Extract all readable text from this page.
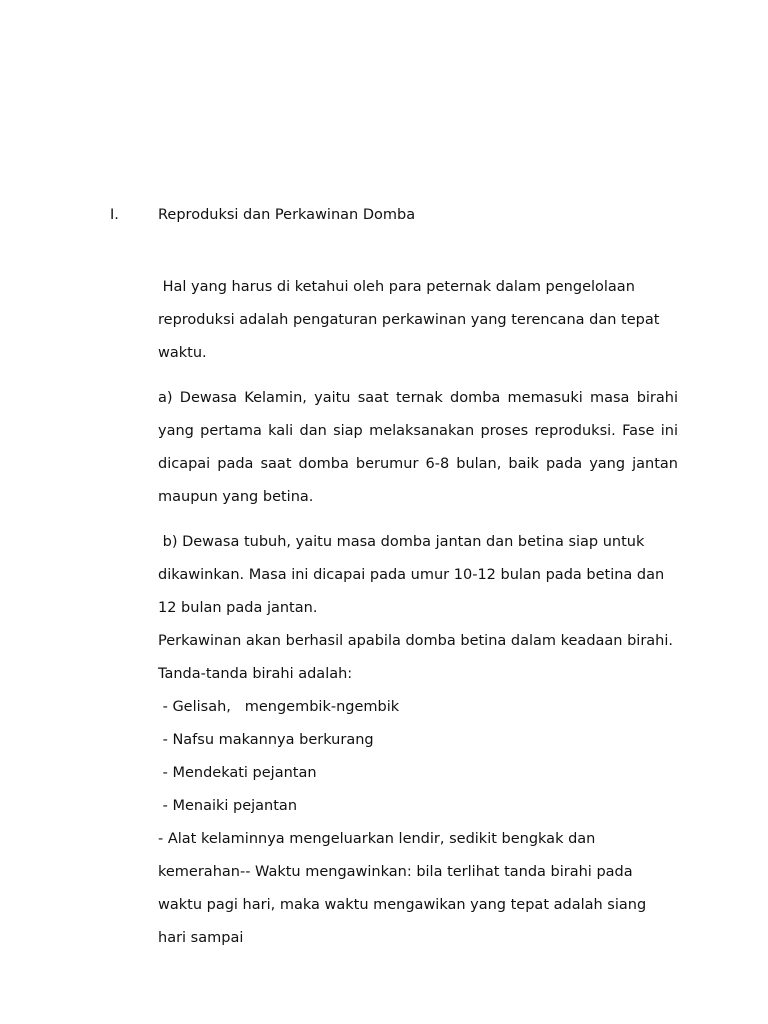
I.	Reproduksi dan Perkawinan Domba

Hal yang harus di ketahui oleh para peternak dalam pengelolaan reproduksi adalah pengaturan perkawinan yang terencana dan tepat waktu.

a) Dewasa Kelamin, yaitu saat ternak domba memasuki masa birahi yang pertama kali dan siap melaksanakan proses reproduksi. Fase ini dicapai pada saat domba berumur 6-8 bulan, baik pada yang jantan maupun yang betina.

b) Dewasa tubuh, yaitu masa domba jantan dan betina siap untuk dikawinkan. Masa ini dicapai pada umur 10-12 bulan pada betina dan 12 bulan pada jantan.

Perkawinan akan berhasil apabila domba betina dalam keadaan birahi.

Tanda-tanda birahi adalah:

- Gelisah,   mengembik-ngembik
- Nafsu makannya berkurang
- Mendekati pejantan
- Menaiki pejantan

- Alat kelaminnya mengeluarkan lendir, sedikit bengkak dan kemerahan-- Waktu mengawinkan: bila terlihat tanda birahi pada waktu pagi hari, maka waktu mengawikan yang tepat adalah siang hari sampai
